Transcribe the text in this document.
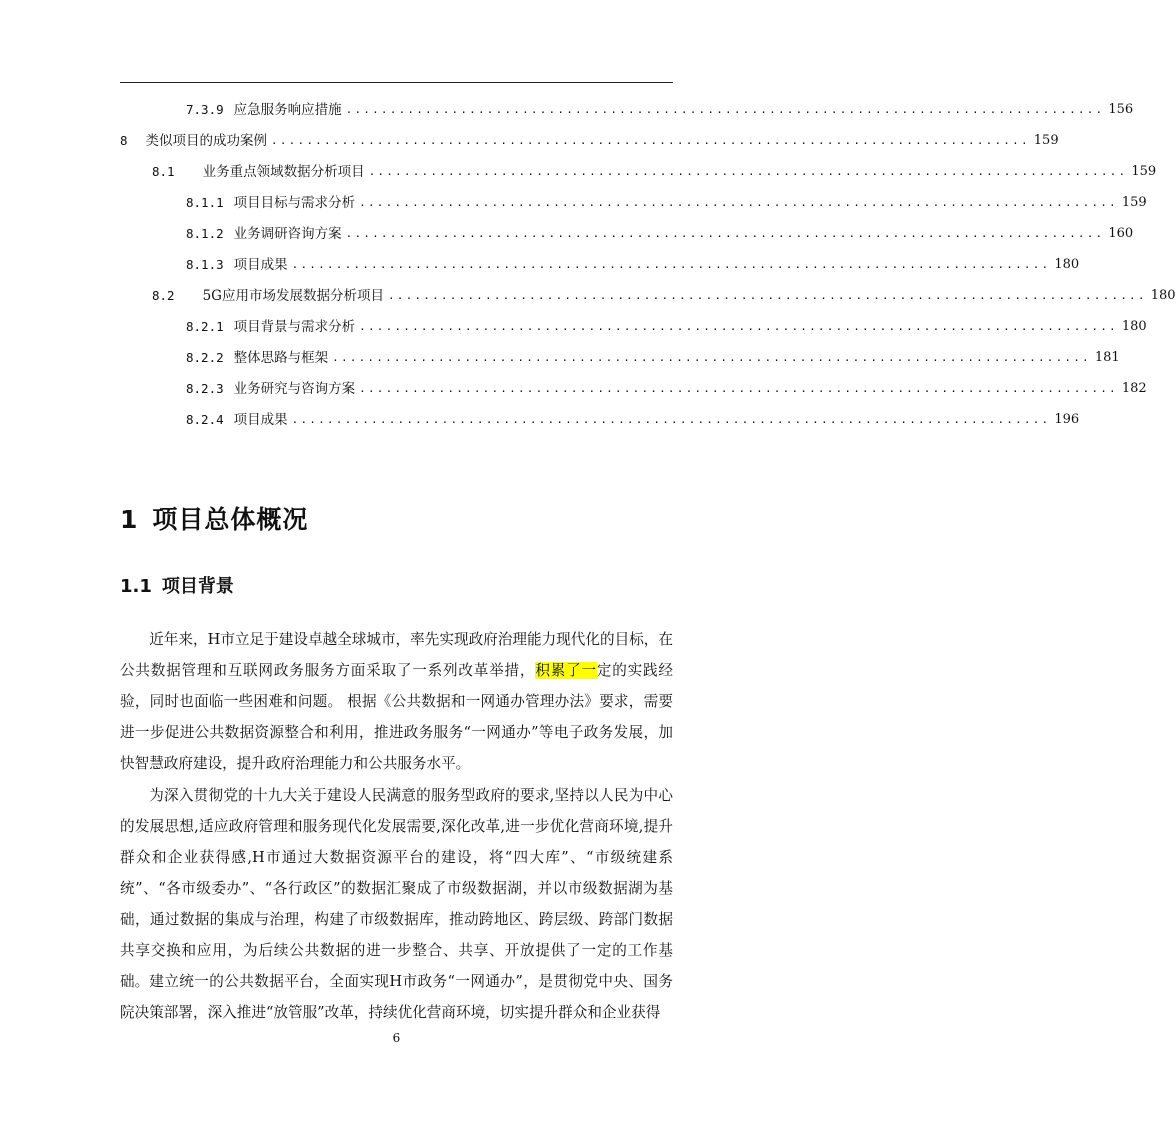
7.3.9 应急服务响应措施 ...................................................................................... 156
8	类似项目的成功案例 ...................................................................................... 159
8.1	业务重点领域数据分析项目 ...................................................................................... 159
8.1.1 项目目标与需求分析 ...................................................................................... 159
8.1.2 业务调研咨询方案 ...................................................................................... 160
8.1.3 项目成果 ...................................................................................... 180
8.2	5G应用市场发展数据分析项目 ...................................................................................... 180
8.2.1 项目背景与需求分析 ...................................................................................... 180
8.2.2 整体思路与框架 ...................................................................................... 181
8.2.3 业务研究与咨询方案 ...................................................................................... 182
8.2.4 项目成果 ...................................................................................... 196
1 项目总体概况
1.1 项目背景

近年来，H市立足于建设卓越全球城市，率先实现政府治理能力现代化的目标，在公共数据管理和互联网政务服务方面采取了一系列改革举措，积累了一定的实践经验，同时也面临一些困难和问题。 根据《公共数据和一网通办管理办法》要求，需要进一步促进公共数据资源整合和利用，推进政务服务“一网通办”等电子政务发展，加快智慧政府建设，提升政府治理能力和公共服务水平。

为深入贯彻党的十九大关于建设人民满意的服务型政府的要求,坚持以人民为中心的发展思想,适应政府管理和服务现代化发展需要,深化改革,进一步优化营商环境,提升群众和企业获得感,H市通过大数据资源平台的建设，将“四大库”、“市级统建系统”、“各市级委办”、“各行政区”的数据汇聚成了市级数据湖，并以市级数据湖为基础，通过数据的集成与治理，构建了市级数据库，推动跨地区、跨层级、跨部门数据共享交换和应用，为后续公共数据的进一步整合、共享、开放提供了一定的工作基础。 建立统一的公共数据平台，全面实现H市政务“一网通办”，是贯彻党中央、国务院决策部署，深入推进“放管服”改革，持续优化营商环境，切实提升群众和企业获得

6
